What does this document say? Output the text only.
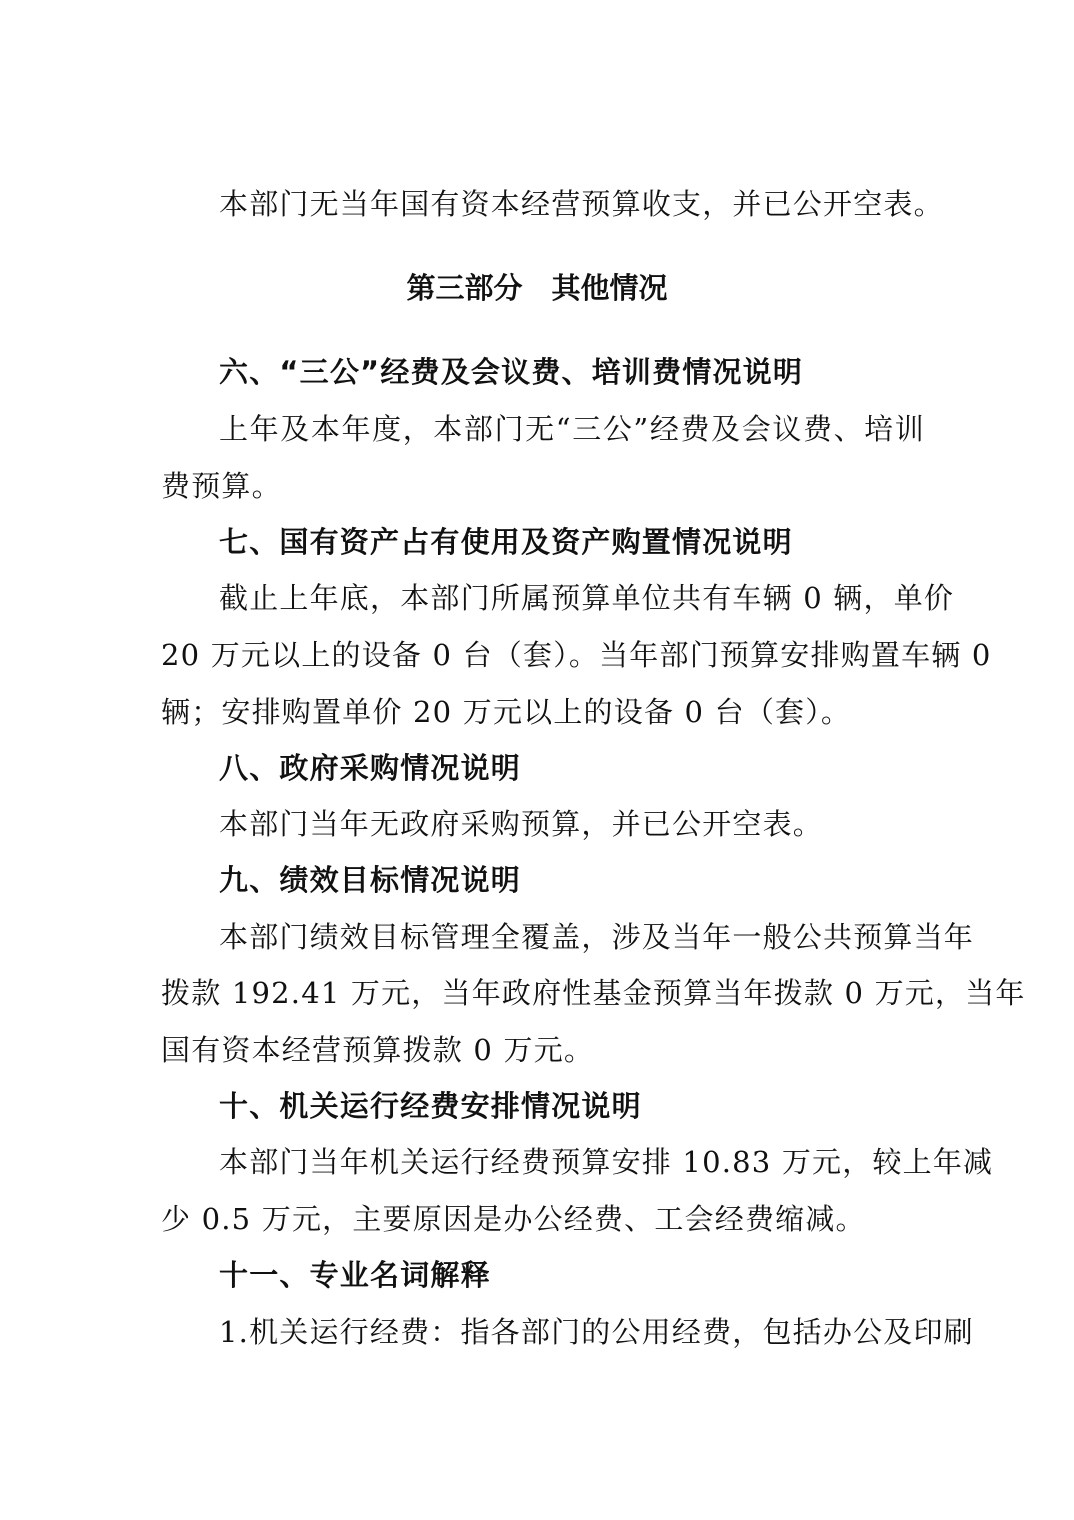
本部门无当年国有资本经营预算收支，并已公开空表。
第三部分　其他情况
六、“三公”经费及会议费、培训费情况说明
上年及本年度，本部门无“三公”经费及会议费、培训
费预算。
七、国有资产占有使用及资产购置情况说明
截止上年底，本部门所属预算单位共有车辆 0 辆，单价
20 万元以上的设备 0 台（套）。当年部门预算安排购置车辆 0
辆；安排购置单价 20 万元以上的设备 0 台（套）。
八、政府采购情况说明
本部门当年无政府采购预算，并已公开空表。
九、绩效目标情况说明
本部门绩效目标管理全覆盖，涉及当年一般公共预算当年
拨款 192.41 万元，当年政府性基金预算当年拨款 0 万元，当年
国有资本经营预算拨款 0 万元。
十、机关运行经费安排情况说明
本部门当年机关运行经费预算安排 10.83 万元，较上年减
少 0.5 万元，主要原因是办公经费、工会经费缩减。
十一、专业名词解释
1.机关运行经费：指各部门的公用经费，包括办公及印刷
